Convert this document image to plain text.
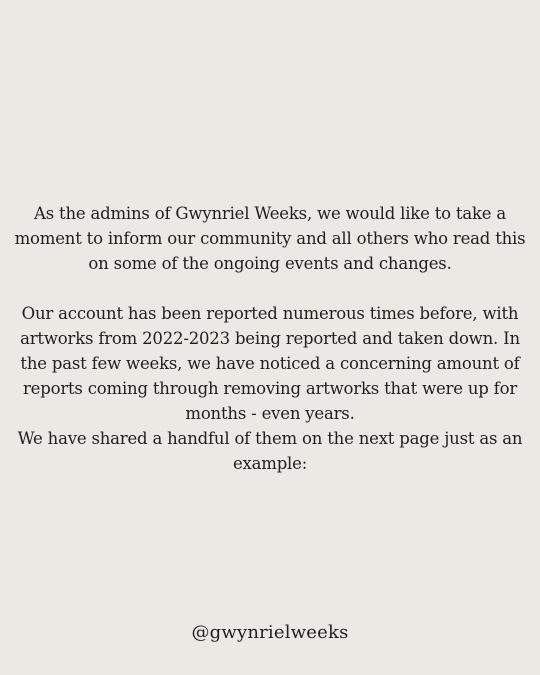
As the admins of Gwynriel Weeks, we would like to take a moment to inform our community and all others who read this on some of the ongoing events and changes.

Our account has been reported numerous times before, with artworks from 2022-2023 being reported and taken down. In the past few weeks, we have noticed a concerning amount of reports coming through removing artworks that were up for months - even years.

We have shared a handful of them on the next page just as an example:

@gwynrielweeks
